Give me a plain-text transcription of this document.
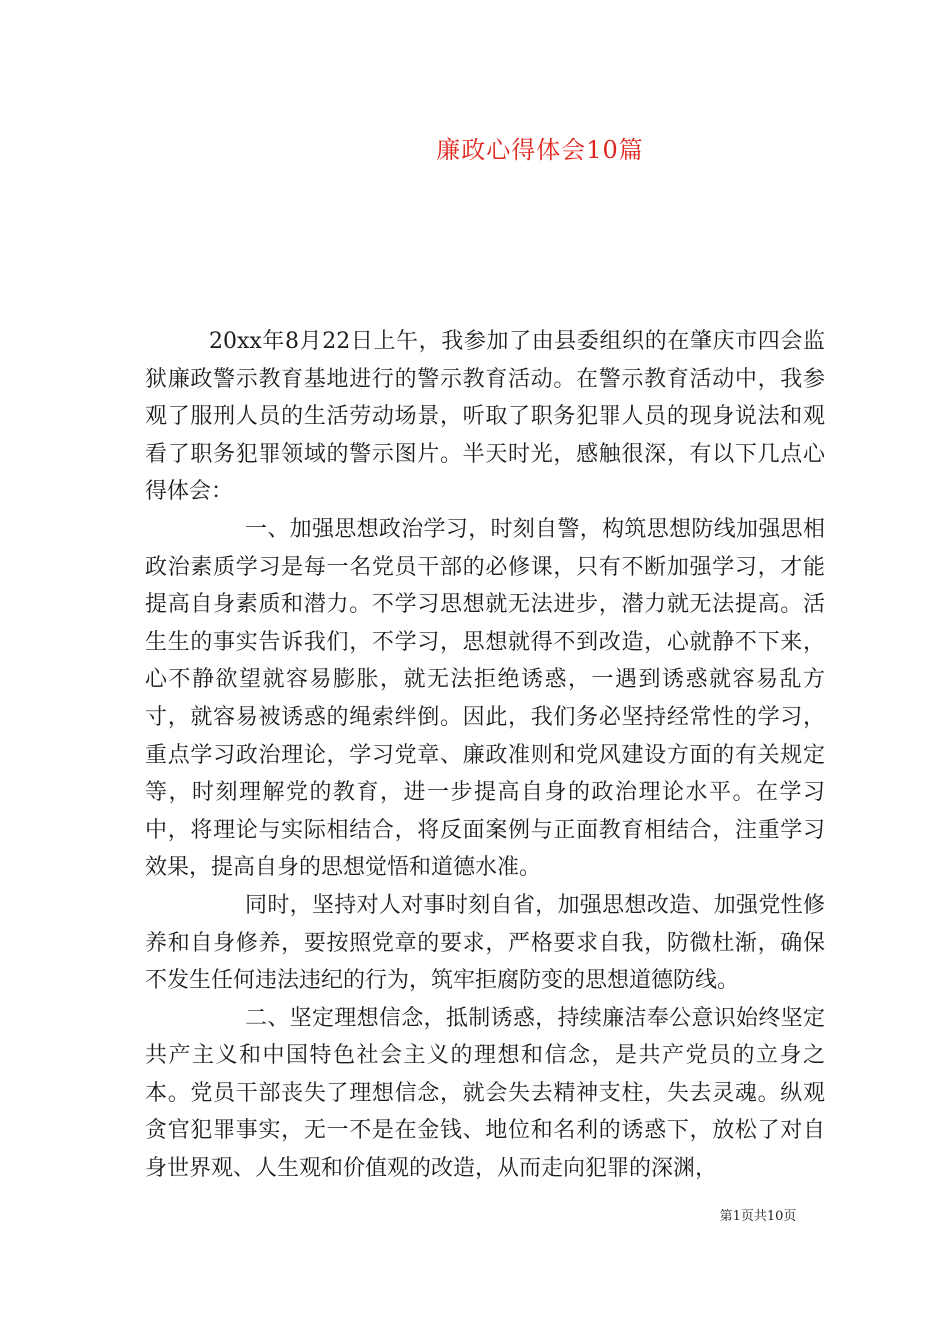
廉政心得体会10篇

20xx年8月22日上午，我参加了由县委组织的在肇庆市四会监狱廉政警示教育基地进行的警示教育活动。在警示教育活动中，我参观了服刑人员的生活劳动场景，听取了职务犯罪人员的现身说法和观看了职务犯罪领域的警示图片。半天时光，感触很深，有以下几点心得体会：

一、加强思想政治学习，时刻自警，构筑思想防线加强思相政治素质学习是每一名党员干部的必修课，只有不断加强学习，才能提高自身素质和潜力。不学习思想就无法进步，潜力就无法提高。活生生的事实告诉我们，不学习，思想就得不到改造，心就静不下来，心不静欲望就容易膨胀，就无法拒绝诱惑，一遇到诱惑就容易乱方寸，就容易被诱惑的绳索绊倒。因此，我们务必坚持经常性的学习，重点学习政治理论，学习党章、廉政准则和党风建设方面的有关规定等，时刻理解党的教育，进一步提高自身的政治理论水平。在学习中，将理论与实际相结合，将反面案例与正面教育相结合，注重学习效果，提高自身的思想觉悟和道德水准。

同时，坚持对人对事时刻自省，加强思想改造、加强党性修养和自身修养，要按照党章的要求，严格要求自我，防微杜渐，确保不发生任何违法违纪的行为，筑牢拒腐防变的思想道德防线。

二、坚定理想信念，抵制诱惑，持续廉洁奉公意识始终坚定共产主义和中国特色社会主义的理想和信念，是共产党员的立身之本。党员干部丧失了理想信念，就会失去精神支柱，失去灵魂。纵观贪官犯罪事实，无一不是在金钱、地位和名利的诱惑下，放松了对自身世界观、人生观和价值观的改造，从而走向犯罪的深渊，

第1页共10页
